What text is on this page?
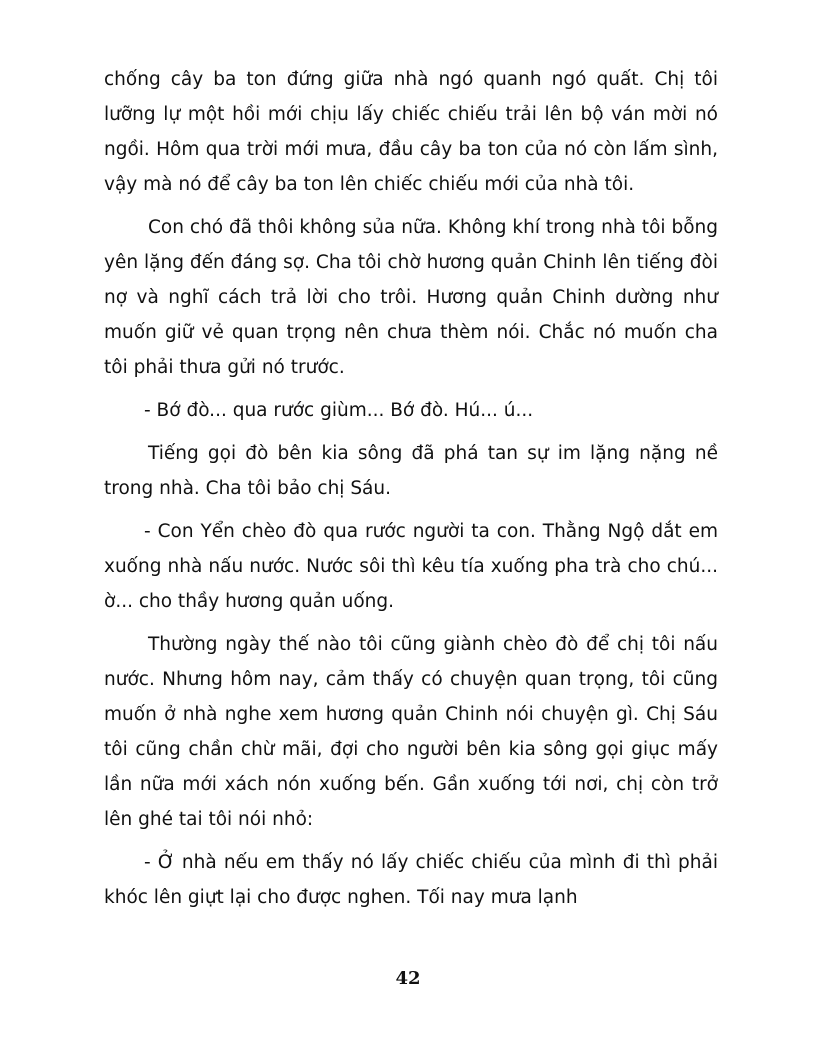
chống cây ba ton đứng giữa nhà ngó quanh ngó quất. Chị tôi lưỡng lự một hồi mới chịu lấy chiếc chiếu trải lên bộ ván mời nó ngồi. Hôm qua trời mới mưa, đầu cây ba ton của nó còn lấm sình, vậy mà nó để cây ba ton lên chiếc chiếu mới của nhà tôi.

Con chó đã thôi không sủa nữa. Không khí trong nhà tôi bỗng yên lặng đến đáng sợ. Cha tôi chờ hương quản Chinh lên tiếng đòi nợ và nghĩ cách trả lời cho trôi. Hương quản Chinh dường như muốn giữ vẻ quan trọng nên chưa thèm nói. Chắc nó muốn cha tôi phải thưa gửi nó trước.

- Bớ đò... qua rước giùm... Bớ đò. Hú... ú...

Tiếng gọi đò bên kia sông đã phá tan sự im lặng nặng nề trong nhà. Cha tôi bảo chị Sáu.

- Con Yển chèo đò qua rước người ta con. Thằng Ngộ dắt em xuống nhà nấu nước. Nước sôi thì kêu tía xuống pha trà cho chú... ờ... cho thầy hương quản uống.

Thường ngày thế nào tôi cũng giành chèo đò để chị tôi nấu nước. Nhưng hôm nay, cảm thấy có chuyện quan trọng, tôi cũng muốn ở nhà nghe xem hương quản Chinh nói chuyện gì. Chị Sáu tôi cũng chần chừ mãi, đợi cho người bên kia sông gọi giục mấy lần nữa mới xách nón xuống bến. Gần xuống tới nơi, chị còn trở lên ghé tai tôi nói nhỏ:

- Ở nhà nếu em thấy nó lấy chiếc chiếu của mình đi thì phải khóc lên giựt lại cho được nghen. Tối nay mưa lạnh

42
